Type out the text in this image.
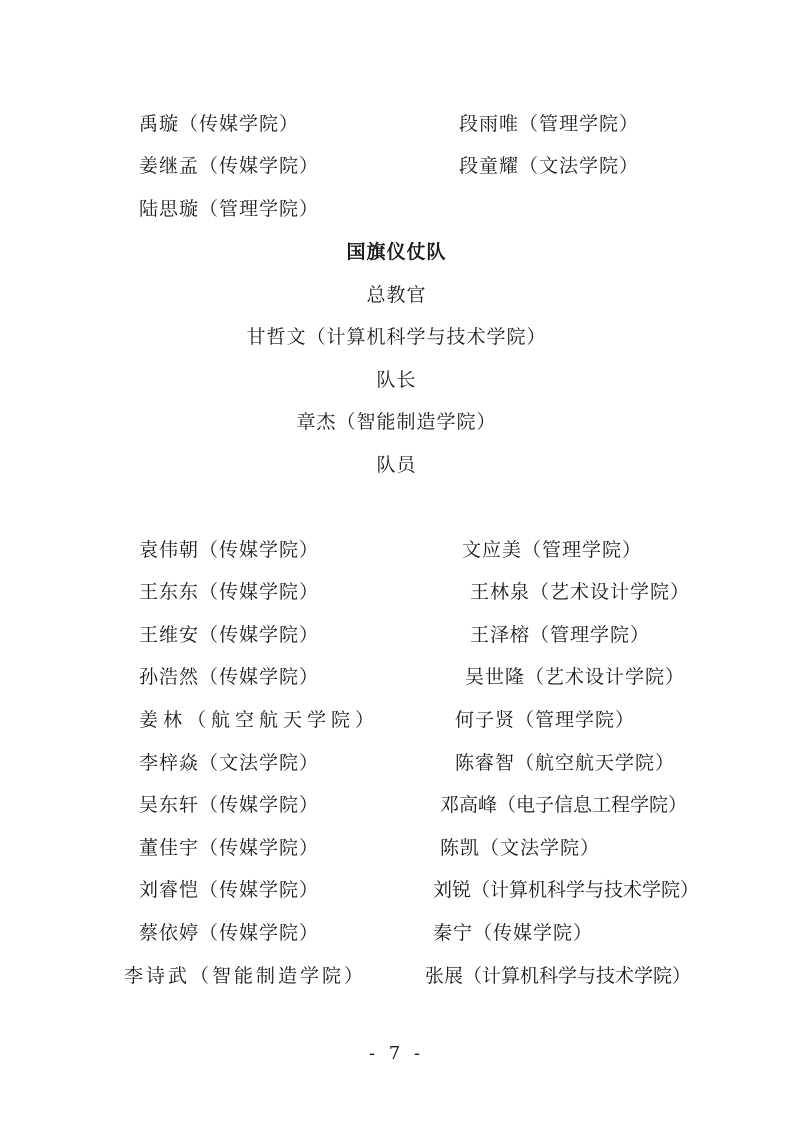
禹璇（传媒学院）	段雨唯（管理学院）
姜继孟（传媒学院）	段童耀（文法学院）
陆思璇（管理学院）
国旗仪仗队
总教官
甘哲文（计算机科学与技术学院）
队长
章杰（智能制造学院）
队员
袁伟朝（传媒学院）	文应美（管理学院）
王东东（传媒学院）	王林泉（艺术设计学院）
王维安（传媒学院）	王泽榕（管理学院）
孙浩然（传媒学院）	吴世隆（艺术设计学院）
姜林（航空航天学院）	何子贤（管理学院）
李梓焱（文法学院）	陈睿智（航空航天学院）
吴东轩（传媒学院）	邓高峰（电子信息工程学院）
董佳宇（传媒学院）	陈凯（文法学院）
刘睿恺（传媒学院）	刘锐（计算机科学与技术学院）
蔡依婷（传媒学院）	秦宁（传媒学院）
李诗武（智能制造学院）	张展（计算机科学与技术学院）
- 7 -
